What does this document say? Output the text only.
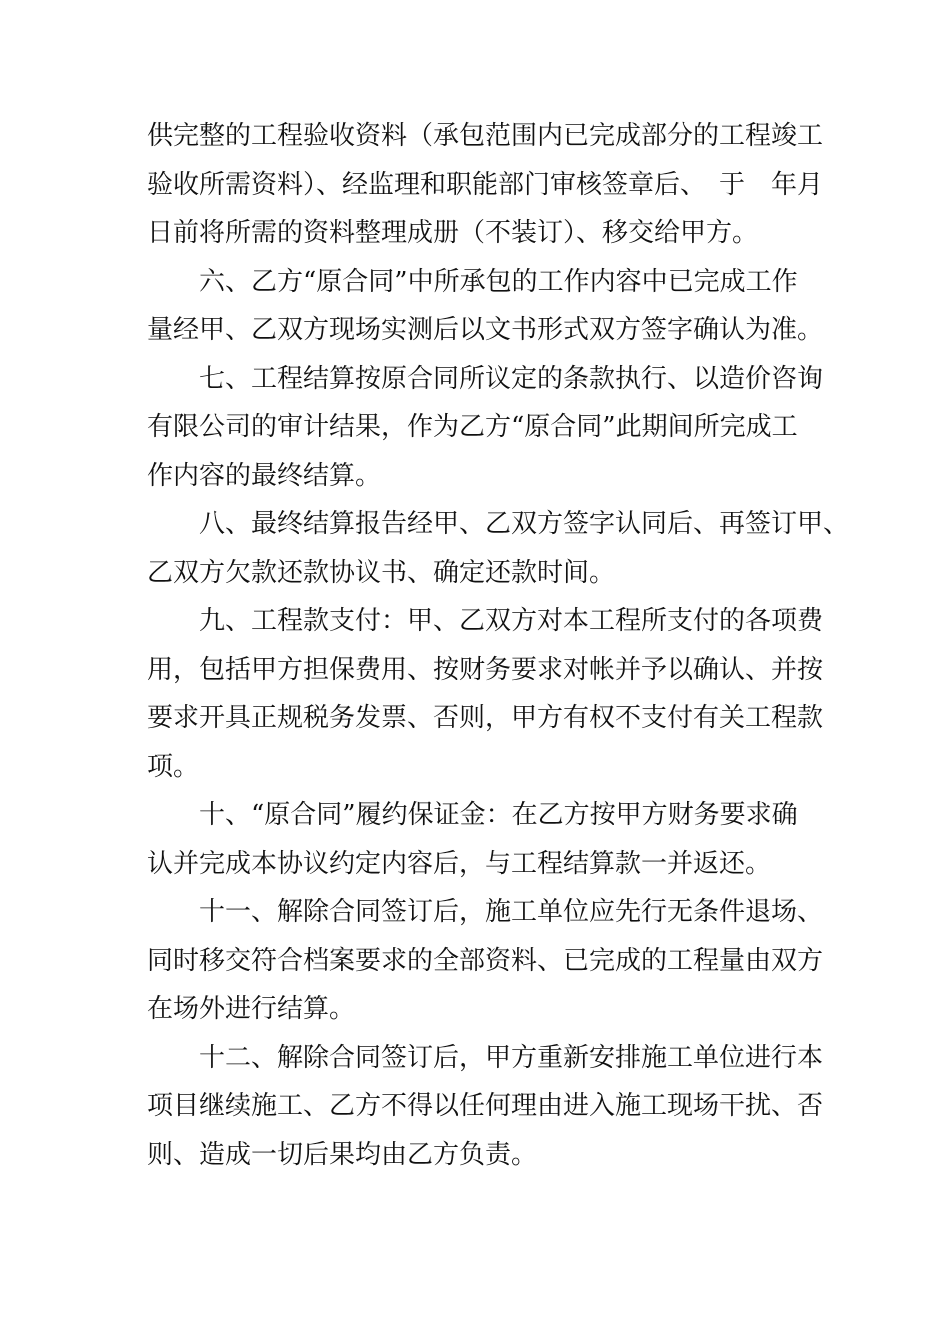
供完整的工程验收资料（承包范围内已完成部分的工程竣工
验收所需资料）、经监理和职能部门审核签章后、　于　年月
日前将所需的资料整理成册（不装订）、移交给甲方。
六、乙方“原合同”中所承包的工作内容中已完成工作
量经甲、乙双方现场实测后以文书形式双方签字确认为准。
七、工程结算按原合同所议定的条款执行、以造价咨询
有限公司的审计结果，作为乙方“原合同”此期间所完成工
作内容的最终结算。
八、最终结算报告经甲、乙双方签字认同后、再签订甲、
乙双方欠款还款协议书、确定还款时间。
九、工程款支付：甲、乙双方对本工程所支付的各项费
用，包括甲方担保费用、按财务要求对帐并予以确认、并按
要求开具正规税务发票、否则，甲方有权不支付有关工程款
项。
十、“原合同”履约保证金：在乙方按甲方财务要求确
认并完成本协议约定内容后，与工程结算款一并返还。
十一、解除合同签订后，施工单位应先行无条件退场、
同时移交符合档案要求的全部资料、已完成的工程量由双方
在场外进行结算。
十二、解除合同签订后，甲方重新安排施工单位进行本
项目继续施工、乙方不得以任何理由进入施工现场干扰、否
则、造成一切后果均由乙方负责。
